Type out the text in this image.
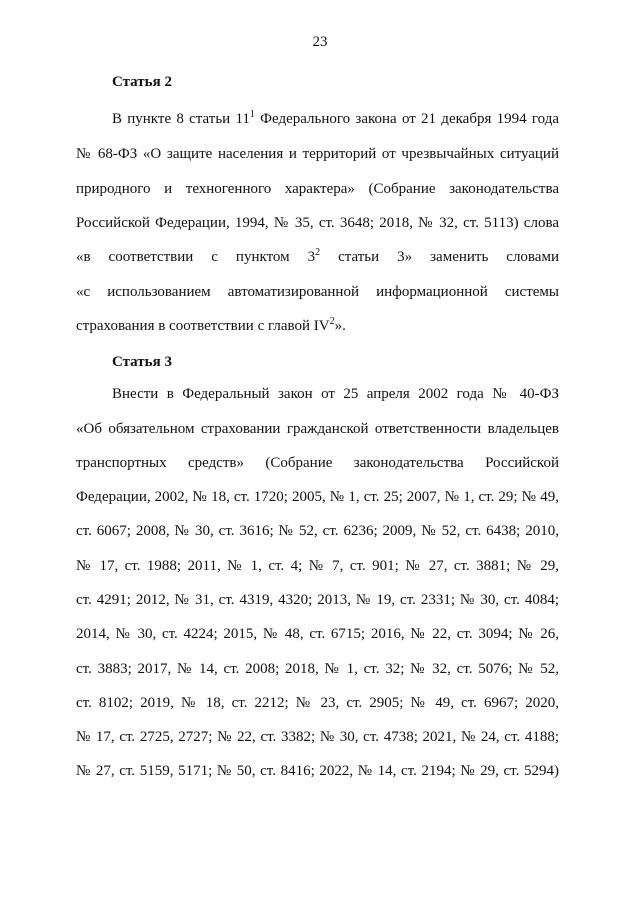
23
Статья 2
В пункте 8 статьи $11^1$ Федерального закона от 21 декабря 1994 года
№ 68-ФЗ «О защите населения и территорий от чрезвычайных ситуаций
природного и техногенного характера» (Собрание законодательства
Российской Федерации, 1994, № 35, ст. 3648; 2018, № 32, ст. 5113) слова
«в соответствии с пунктом $3^2$ статьи 3» заменить словами
«с использованием автоматизированной информационной системы
страхования в соответствии с главой $IV^2$».
Статья 3
Внести в Федеральный закон от 25 апреля 2002 года № 40-ФЗ
«Об обязательном страховании гражданской ответственности владельцев
транспортных средств» (Собрание законодательства Российской
Федерации, 2002, № 18, ст. 1720; 2005, № 1, ст. 25; 2007, № 1, ст. 29; № 49,
ст. 6067; 2008, № 30, ст. 3616; № 52, ст. 6236; 2009, № 52, ст. 6438; 2010,
№ 17, ст. 1988; 2011, № 1, ст. 4; № 7, ст. 901; № 27, ст. 3881; № 29,
ст. 4291; 2012, № 31, ст. 4319, 4320; 2013, № 19, ст. 2331; № 30, ст. 4084;
2014, № 30, ст. 4224; 2015, № 48, ст. 6715; 2016, № 22, ст. 3094; № 26,
ст. 3883; 2017, № 14, ст. 2008; 2018, № 1, ст. 32; № 32, ст. 5076; № 52,
ст. 8102; 2019, № 18, ст. 2212; № 23, ст. 2905; № 49, ст. 6967; 2020,
№ 17, ст. 2725, 2727; № 22, ст. 3382; № 30, ст. 4738; 2021, № 24, ст. 4188;
№ 27, ст. 5159, 5171; № 50, ст. 8416; 2022, № 14, ст. 2194; № 29, ст. 5294)
